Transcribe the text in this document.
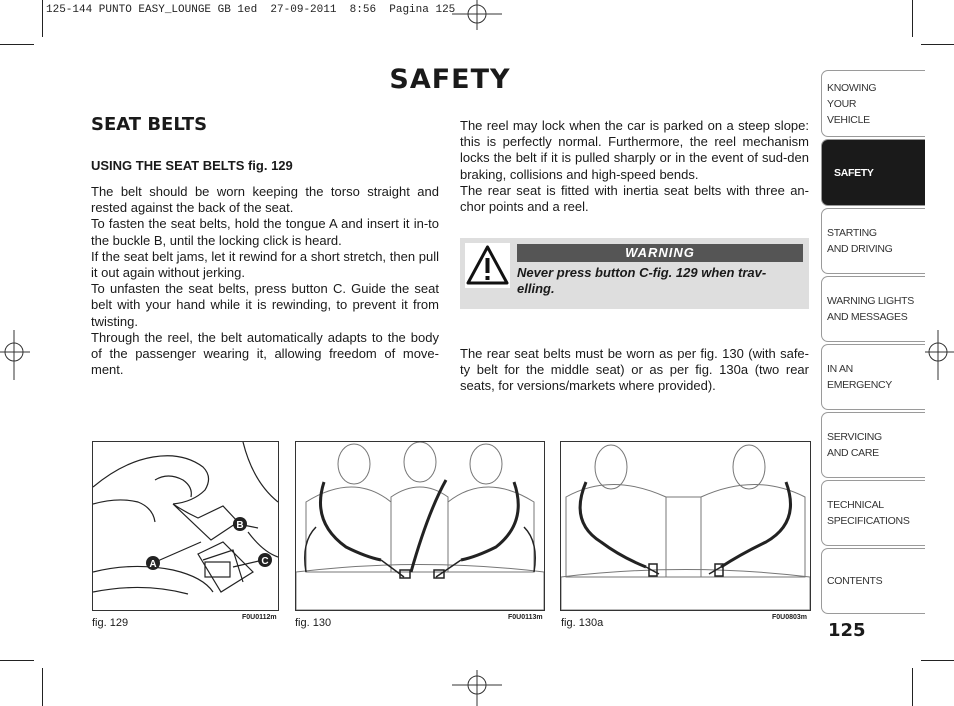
125-144 PUNTO EASY_LOUNGE GB 1ed  27-09-2011  8:56  Pagina 125
SAFETY
SEAT BELTS
USING THE SEAT BELTS fig. 129

The belt should be worn keeping the torso straight and rested against the back of the seat.

To fasten the seat belts, hold the tongue A and insert it in-to the buckle B, until the locking click is heard.

If the seat belt jams, let it rewind for a short stretch, then pull it out again without jerking.

To unfasten the seat belts, press button C. Guide the seat belt with your hand while it is rewinding, to prevent it from twisting.

Through the reel, the belt automatically adapts to the body of the passenger wearing it, allowing freedom of move-ment.

The reel may lock when the car is parked on a steep slope: this is perfectly normal. Furthermore, the reel mechanism locks the belt if it is pulled sharply or in the event of sud-den braking, collisions and high-speed bends.

The rear seat is fitted with inertia seat belts with three an-chor points and a reel.

WARNING
Never press button C-fig. 129 when trav-elling.

The rear seat belts must be worn as per fig. 130 (with safe-ty belt for the middle seat) or as per fig. 130a (two rear seats, for versions/markets where provided).

A
B
C
fig. 129	F0U0112m fig. 130	F0U0113m fig. 130a	F0U0803m
KNOWING
YOUR
VEHICLE
SAFETY
STARTING
AND DRIVING
WARNING LIGHTS
AND MESSAGES
IN AN
EMERGENCY
SERVICING
AND CARE
TECHNICAL
SPECIFICATIONS
CONTENTS
125
